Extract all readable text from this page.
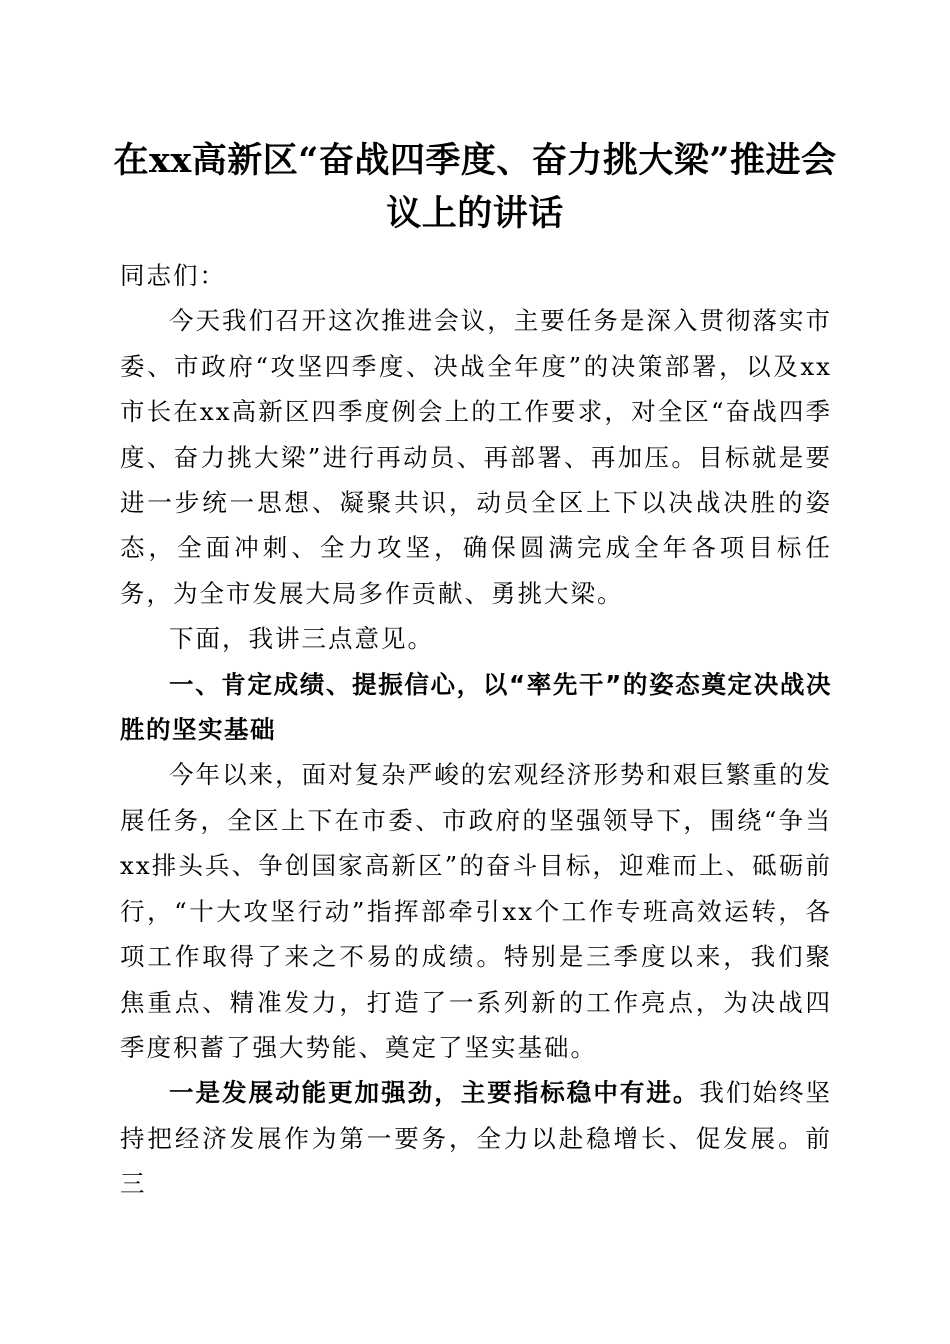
在xx高新区“奋战四季度、奋力挑大梁”推进会议上的讲话

同志们：

今天我们召开这次推进会议，主要任务是深入贯彻落实市委、市政府“攻坚四季度、决战全年度”的决策部署，以及xx市长在xx高新区四季度例会上的工作要求，对全区“奋战四季度、奋力挑大梁”进行再动员、再部署、再加压。目标就是要进一步统一思想、凝聚共识，动员全区上下以决战决胜的姿态，全面冲刺、全力攻坚，确保圆满完成全年各项目标任务，为全市发展大局多作贡献、勇挑大梁。

下面，我讲三点意见。

一、肯定成绩、提振信心，以“率先干”的姿态奠定决战决胜的坚实基础

今年以来，面对复杂严峻的宏观经济形势和艰巨繁重的发展任务，全区上下在市委、市政府的坚强领导下，围绕“争当xx排头兵、争创国家高新区”的奋斗目标，迎难而上、砥砺前行，“十大攻坚行动”指挥部牵引xx个工作专班高效运转，各项工作取得了来之不易的成绩。特别是三季度以来，我们聚焦重点、精准发力，打造了一系列新的工作亮点，为决战四季度积蓄了强大势能、奠定了坚实基础。

一是发展动能更加强劲，主要指标稳中有进。我们始终坚持把经济发展作为第一要务，全力以赴稳增长、促发展。前三
